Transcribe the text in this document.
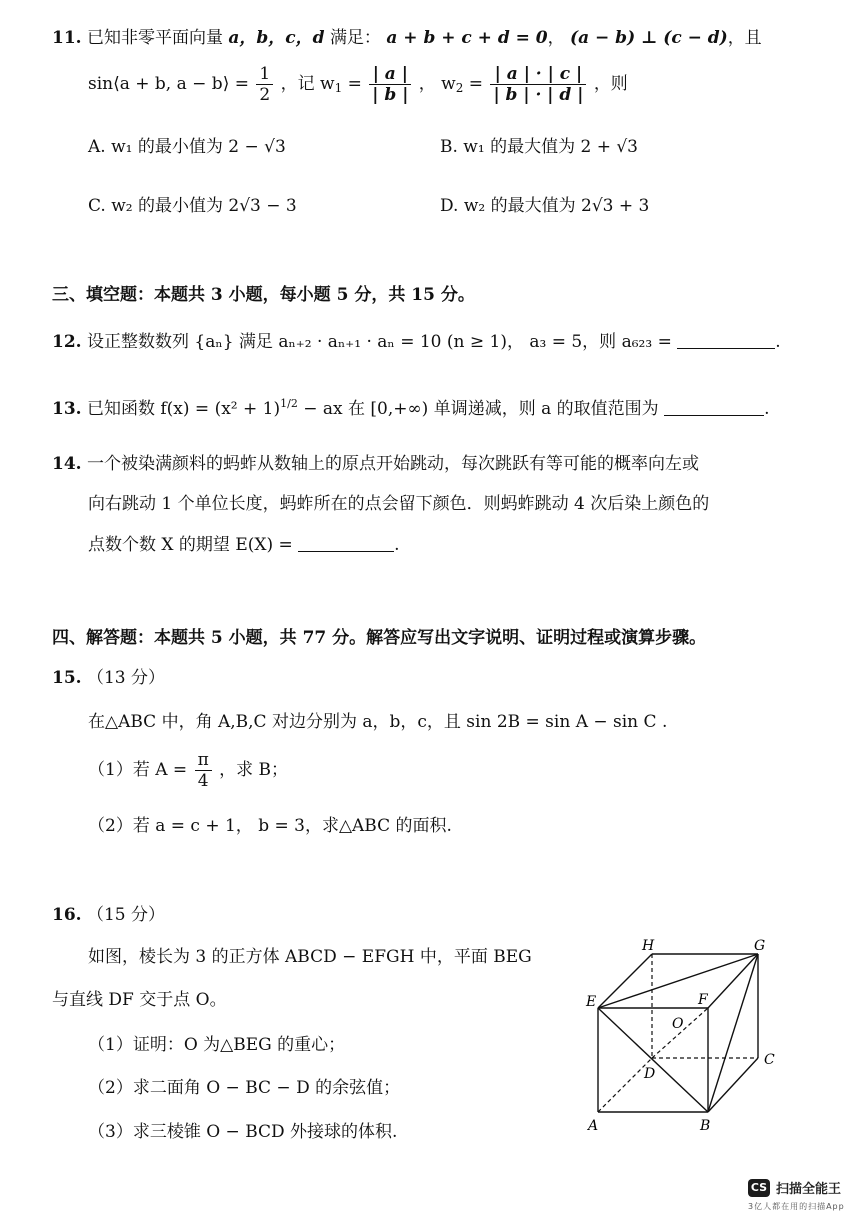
11. 已知非零平面向量 a，b，c，d 满足： a + b + c + d = 0， (a − b) ⊥ (c − d)，且
sin⟨a + b, a − b⟩ = $\frac{1}{2}$ ，记 $w_1 = \frac{| a |}{| b |}$ ， $w_2 = \frac{| a | \cdot | c |}{| b | \cdot | d |}$ ，则
A. w₁ 的最小值为 2 − √3	B. w₁ 的最大值为 2 + √3
C. w₂ 的最小值为 2√3 − 3	D. w₂ 的最大值为 2√3 + 3
三、填空题：本题共 3 小题，每小题 5 分，共 15 分。
12. 设正整数数列 {aₙ} 满足 aₙ₊₂ · aₙ₊₁ · aₙ = 10 (n ≥ 1)， a₃ = 5，则 a₆₂₃ =	.
13. 已知函数 $f(x) = (x^2 + 1)^{1/2}$ − ax 在 [0,+∞) 单调递减，则 a 的取值范围为	.
14. 一个被染满颜料的蚂蚱从数轴上的原点开始跳动，每次跳跃有等可能的概率向左或
向右跳动 1 个单位长度，蚂蚱所在的点会留下颜色．则蚂蚱跳动 4 次后染上颜色的
点数个数 X 的期望 E(X) =	.
四、解答题：本题共 5 小题，共 77 分。解答应写出文字说明、证明过程或演算步骤。
15. （13 分）
在△ABC 中，角 A,B,C 对边分别为 a，b，c，且 sin 2B = sin A − sin C .
（1）若 $A = \frac{\pi}{4}$ ，求 B；
（2）若 a = c + 1， b = 3，求△ABC 的面积.
16. （15 分）
如图，棱长为 3 的正方体 ABCD − EFGH 中，平面 BEG
与直线 DF 交于点 O。
（1）证明：O 为△BEG 的重心；
（2）求二面角 O − BC − D 的余弦值；
（3）求三棱锥 O − BCD 外接球的体积.
H	G
E	F
O
C
D
A	B
CS 扫描全能王
3亿人都在用的扫描App
